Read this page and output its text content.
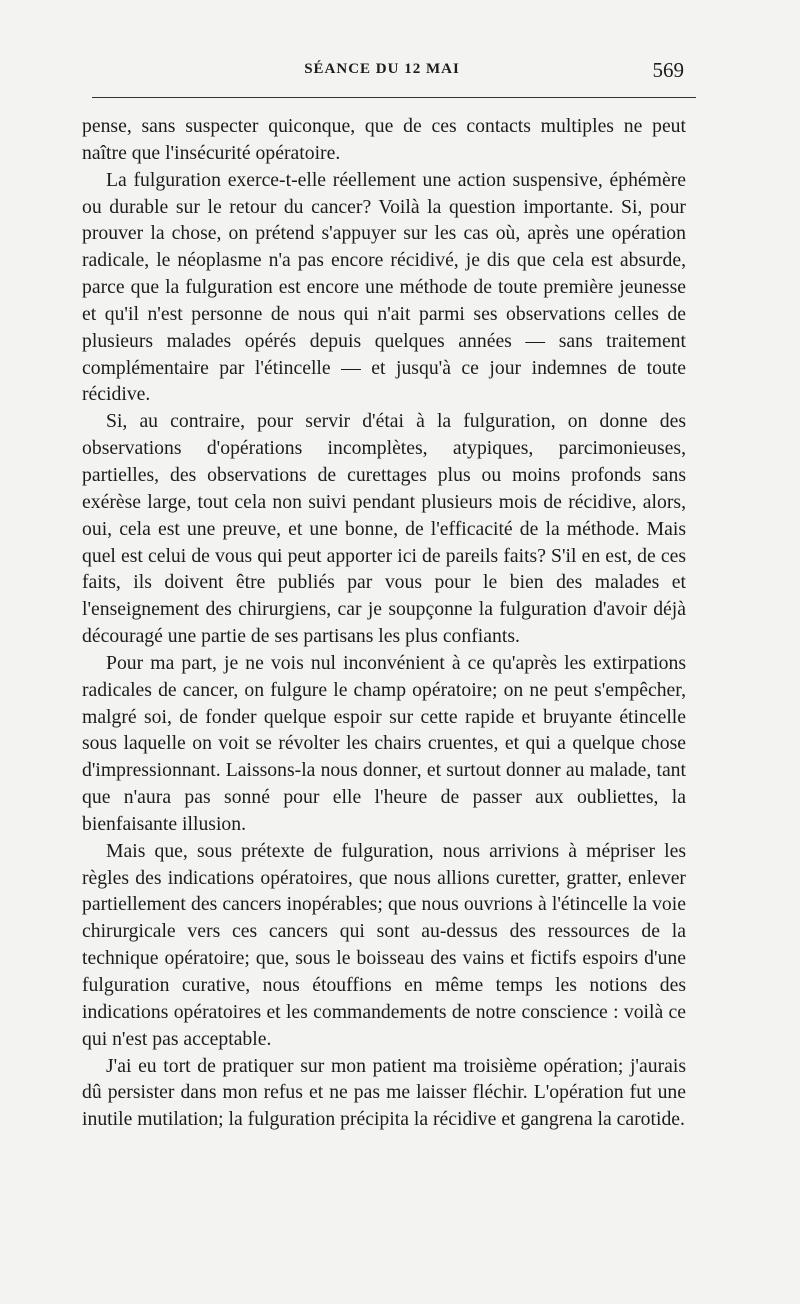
SÉANCE DU 12 MAI	569

pense, sans suspecter quiconque, que de ces contacts multiples ne peut naître que l'insécurité opératoire.

La fulguration exerce-t-elle réellement une action suspensive, éphémère ou durable sur le retour du cancer? Voilà la question importante. Si, pour prouver la chose, on prétend s'appuyer sur les cas où, après une opération radicale, le néoplasme n'a pas encore récidivé, je dis que cela est absurde, parce que la fulguration est encore une méthode de toute première jeunesse et qu'il n'est personne de nous qui n'ait parmi ses observations celles de plusieurs malades opérés depuis quelques années — sans traitement complémentaire par l'étincelle — et jusqu'à ce jour indemnes de toute récidive.

Si, au contraire, pour servir d'étai à la fulguration, on donne des observations d'opérations incomplètes, atypiques, parcimonieuses, partielles, des observations de curettages plus ou moins profonds sans exérèse large, tout cela non suivi pendant plusieurs mois de récidive, alors, oui, cela est une preuve, et une bonne, de l'efficacité de la méthode. Mais quel est celui de vous qui peut apporter ici de pareils faits? S'il en est, de ces faits, ils doivent être publiés par vous pour le bien des malades et l'enseignement des chirurgiens, car je soupçonne la fulguration d'avoir déjà découragé une partie de ses partisans les plus confiants.

Pour ma part, je ne vois nul inconvénient à ce qu'après les extirpations radicales de cancer, on fulgure le champ opératoire; on ne peut s'empêcher, malgré soi, de fonder quelque espoir sur cette rapide et bruyante étincelle sous laquelle on voit se révolter les chairs cruentes, et qui a quelque chose d'impressionnant. Laissons-la nous donner, et surtout donner au malade, tant que n'aura pas sonné pour elle l'heure de passer aux oubliettes, la bienfaisante illusion.

Mais que, sous prétexte de fulguration, nous arrivions à mépriser les règles des indications opératoires, que nous allions curetter, gratter, enlever partiellement des cancers inopérables; que nous ouvrions à l'étincelle la voie chirurgicale vers ces cancers qui sont au-dessus des ressources de la technique opératoire; que, sous le boisseau des vains et fictifs espoirs d'une fulguration curative, nous étouffions en même temps les notions des indications opératoires et les commandements de notre conscience : voilà ce qui n'est pas acceptable.

J'ai eu tort de pratiquer sur mon patient ma troisième opération; j'aurais dû persister dans mon refus et ne pas me laisser fléchir. L'opération fut une inutile mutilation; la fulguration précipita la récidive et gangrena la carotide.
